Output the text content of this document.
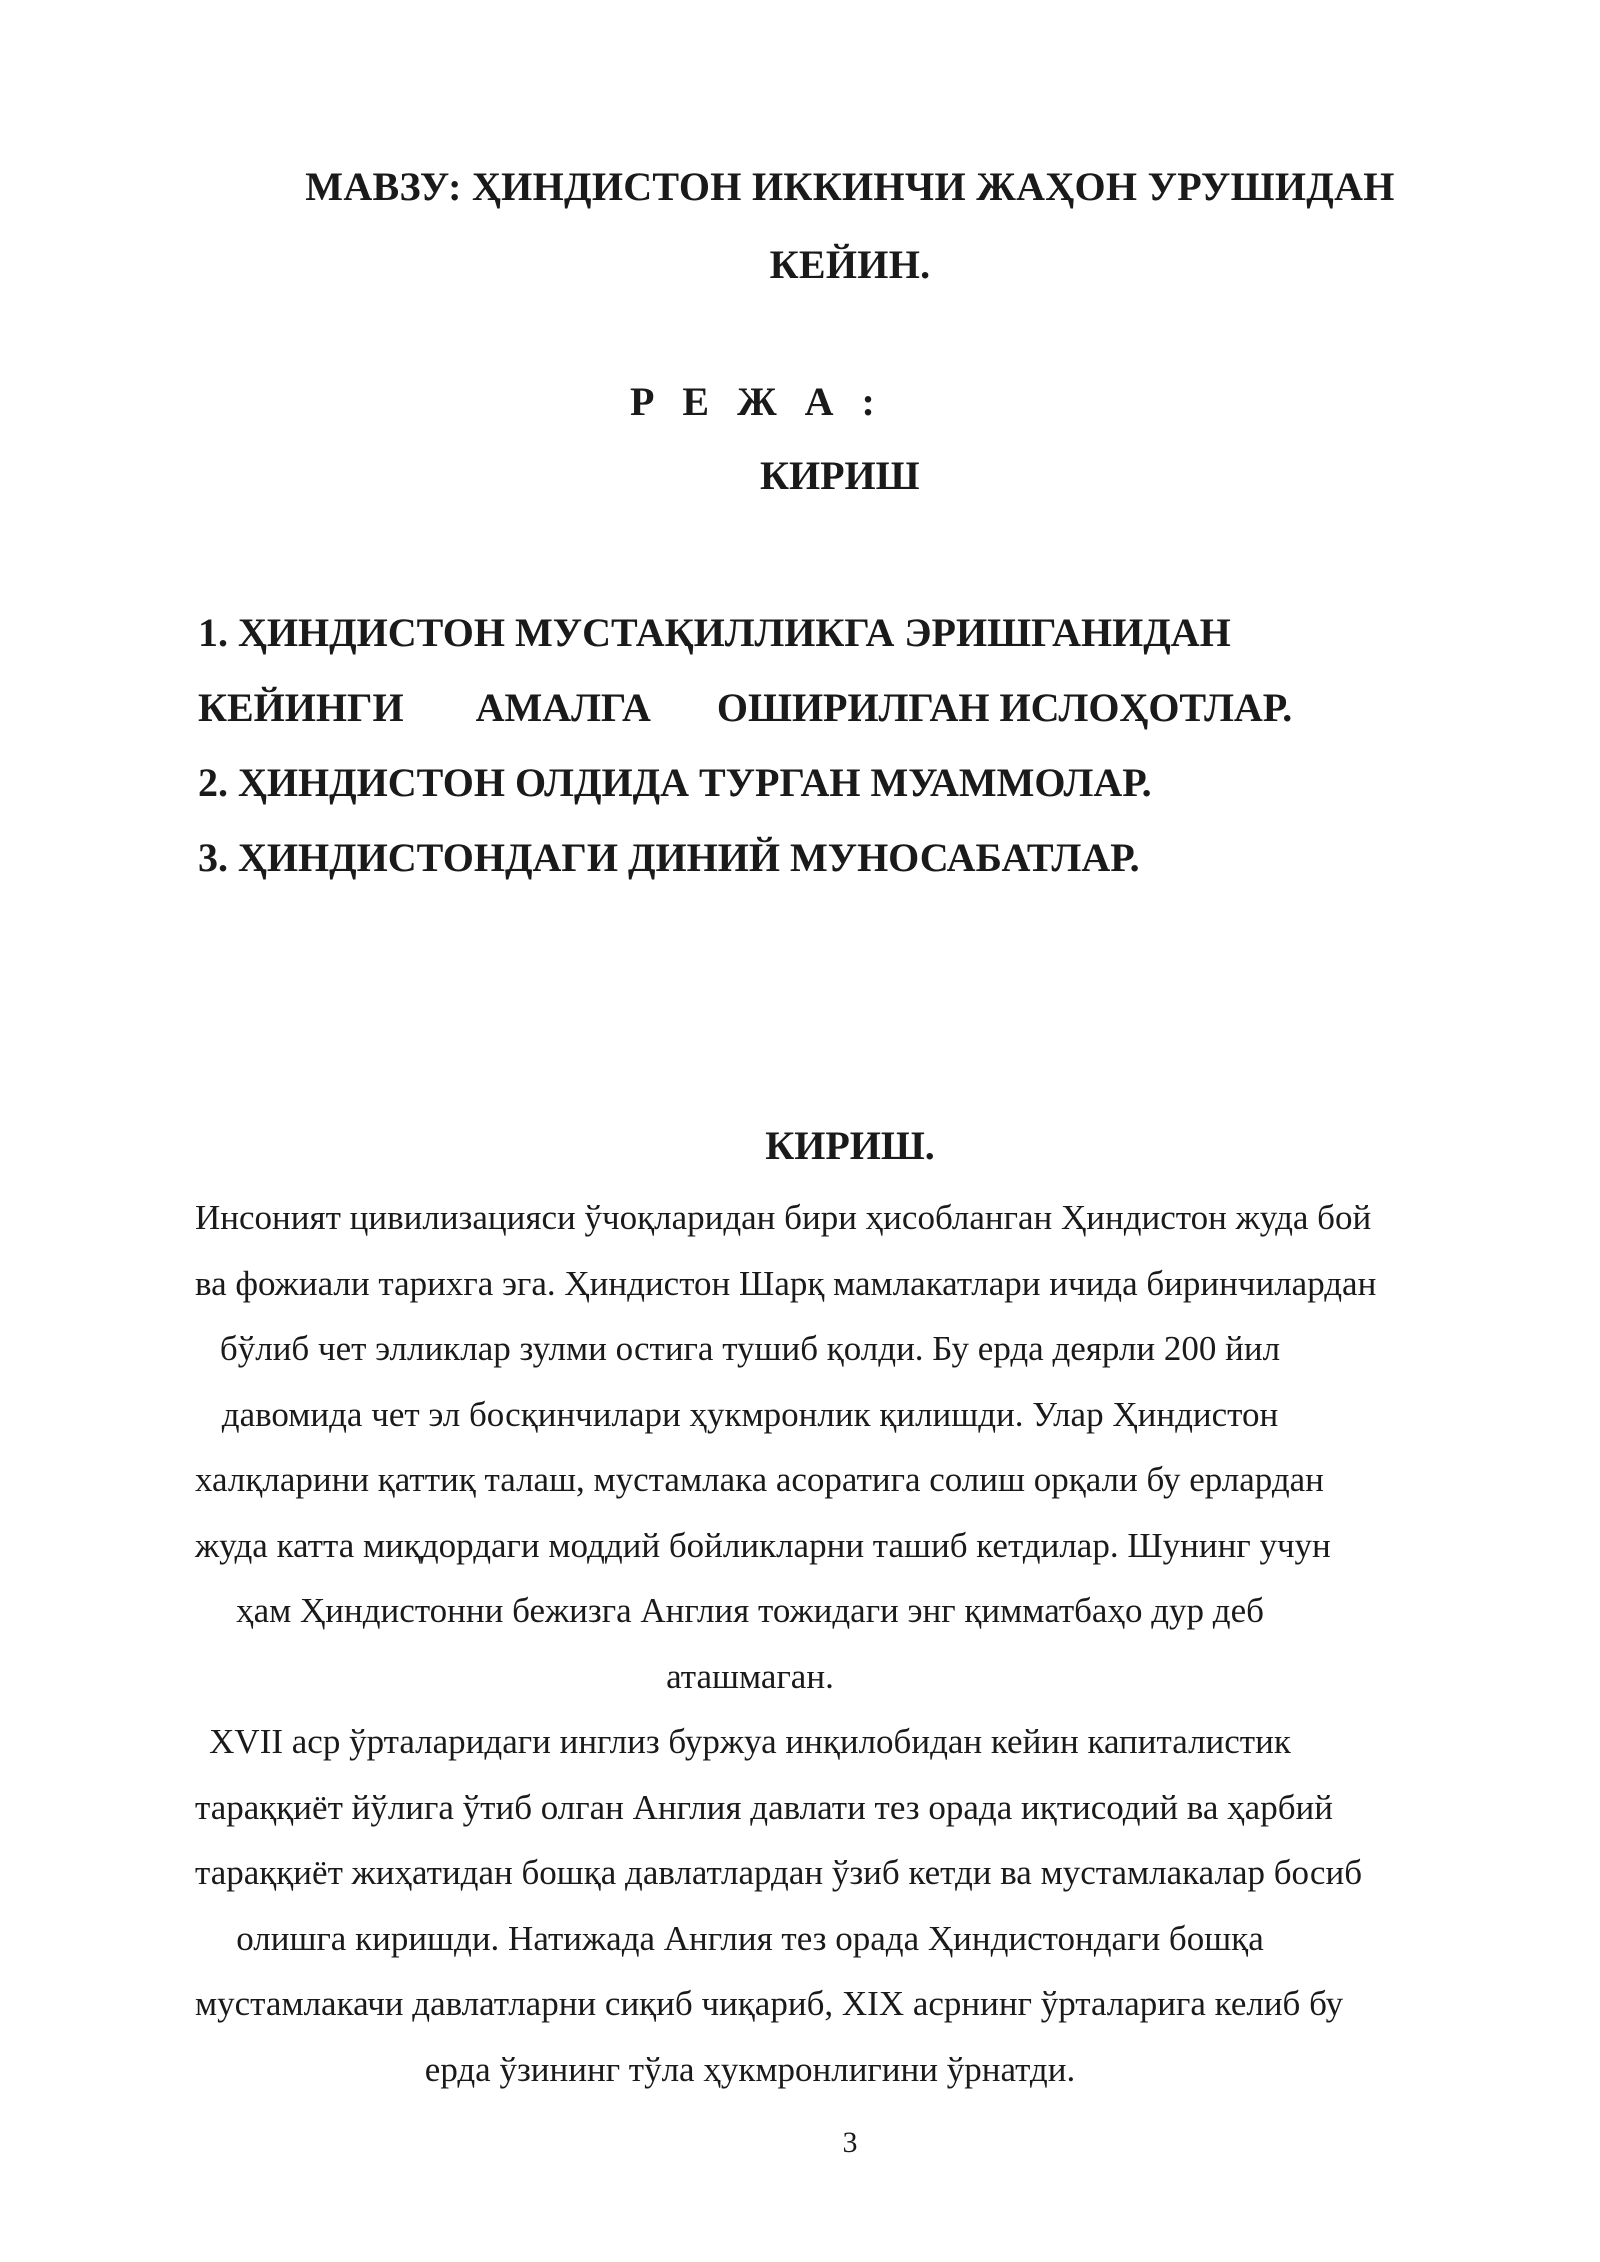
МАВЗУ: ҲИНДИСТОН ИККИНЧИ ЖАҲОН УРУШИДАН
КЕЙИН.
Р Е Ж А :
КИРИШ
1. ҲИНДИСТОН МУСТАҚИЛЛИКГА ЭРИШГАНИДАН
КЕЙИНГИ АМАЛГА ОШИРИЛГАН ИСЛОҲОТЛАР.
2. ҲИНДИСТОН ОЛДИДА ТУРГАН МУАММОЛАР.
3. ҲИНДИСТОНДАГИ ДИНИЙ МУНОСАБАТЛАР.
КИРИШ.

Инсоният цивилизацияси ўчоқларидан бири ҳисобланган Ҳиндистон жуда бой
ва фожиали тарихга эга. Ҳиндистон Шарқ мамлакатлари ичида биринчилардан
бўлиб чет элликлар зулми остига тушиб қолди. Бу ерда деярли 200 йил
давомида чет эл босқинчилари ҳукмронлик қилишди. Улар Ҳиндистон
халқларини қаттиқ талаш, мустамлака асоратига солиш орқали бу ерлардан
жуда катта миқдордаги моддий бойликларни ташиб кетдилар. Шунинг учун
ҳам Ҳиндистонни бежизга Англия тожидаги энг қимматбаҳо дур деб
аташмаган.

XVII аср ўрталаридаги инглиз буржуа инқилобидан кейин капиталистик
тараққиёт йўлига ўтиб олган Англия давлати тез орада иқтисодий ва ҳарбий
тараққиёт жиҳатидан бошқа давлатлардан ўзиб кетди ва мустамлакалар босиб
олишга киришди. Натижада Англия тез орада Ҳиндистондаги бошқа
мустамлакачи давлатларни сиқиб чиқариб, XIX асрнинг ўрталарига келиб бу
ерда ўзининг тўла ҳукмронлигини ўрнатди.

3
